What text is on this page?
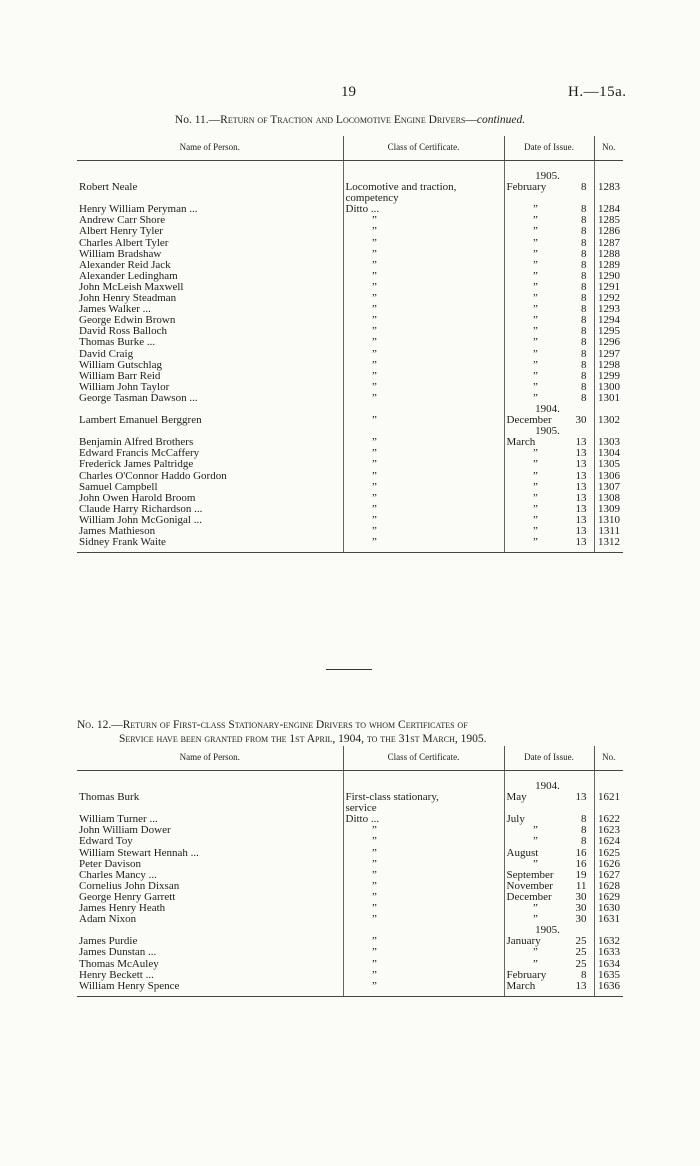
19	H.—15a.
No. 11.—Return of Traction and Locomotive Engine Drivers—continued.
Name of Person.	Class of Certificate.	Date of Issue.	No.

		1905.	

Robert Neale	Locomotive and traction,	February 8	1283
	competency		
Henry William Peryman ...	Ditto ...	” 8	1284
Andrew Carr Shore	”	” 8	1285
Albert Henry Tyler	”	” 8	1286
Charles Albert Tyler	”	” 8	1287
William Bradshaw	”	” 8	1288
Alexander Reid Jack	”	” 8	1289
Alexander Ledingham	”	” 8	1290
John McLeish Maxwell	”	” 8	1291
John Henry Steadman	”	” 8	1292
James Walker ...	”	” 8	1293
George Edwin Brown	”	” 8	1294
David Ross Balloch	”	” 8	1295
Thomas Burke ...	”	” 8	1296
David Craig	”	” 8	1297
William Gutschlag	”	” 8	1298
William Barr Reid	”	” 8	1299
William John Taylor	”	” 8	1300
George Tasman Dawson ...	”	” 8	1301

		1904.	

Lambert Emanuel Berggren	”	December 30	1302

		1905.	

Benjamin Alfred Brothers	”	March 13	1303
Edward Francis McCaffery	”	” 13	1304
Frederick James Paltridge	”	” 13	1305
Charles O'Connor Haddo Gordon	”	” 13	1306
Samuel Campbell	”	” 13	1307
John Owen Harold Broom	”	” 13	1308
Claude Harry Richardson ...	”	” 13	1309
William John McGonigal ...	”	” 13	1310
James Mathieson	”	” 13	1311
Sidney Frank Waite	”	” 13	1312
No. 12.—Return of First-class Stationary-engine Drivers to whom Certificates of
Service have been granted from the 1st April, 1904, to the 31st March, 1905.
Name of Person.	Class of Certificate.	Date of Issue.	No.

		1904.	

Thomas Burk	First-class stationary,	May 13	1621
	service		
William Turner ...	Ditto ...	July 8	1622
John William Dower	”	” 8	1623
Edward Toy	”	” 8	1624
William Stewart Hennah ...	”	August 16	1625
Peter Davison	”	” 16	1626
Charles Mancy ...	”	September 19	1627
Cornelius John Dixsan	”	November 11	1628
George Henry Garrett	”	December 30	1629
James Henry Heath	”	” 30	1630
Adam Nixon	”	” 30	1631

		1905.	

James Purdie	”	January 25	1632
James Dunstan ...	”	” 25	1633
Thomas McAuley	”	” 25	1634
Henry Beckett ...	”	February 8	1635
William Henry Spence	”	March 13	1636
